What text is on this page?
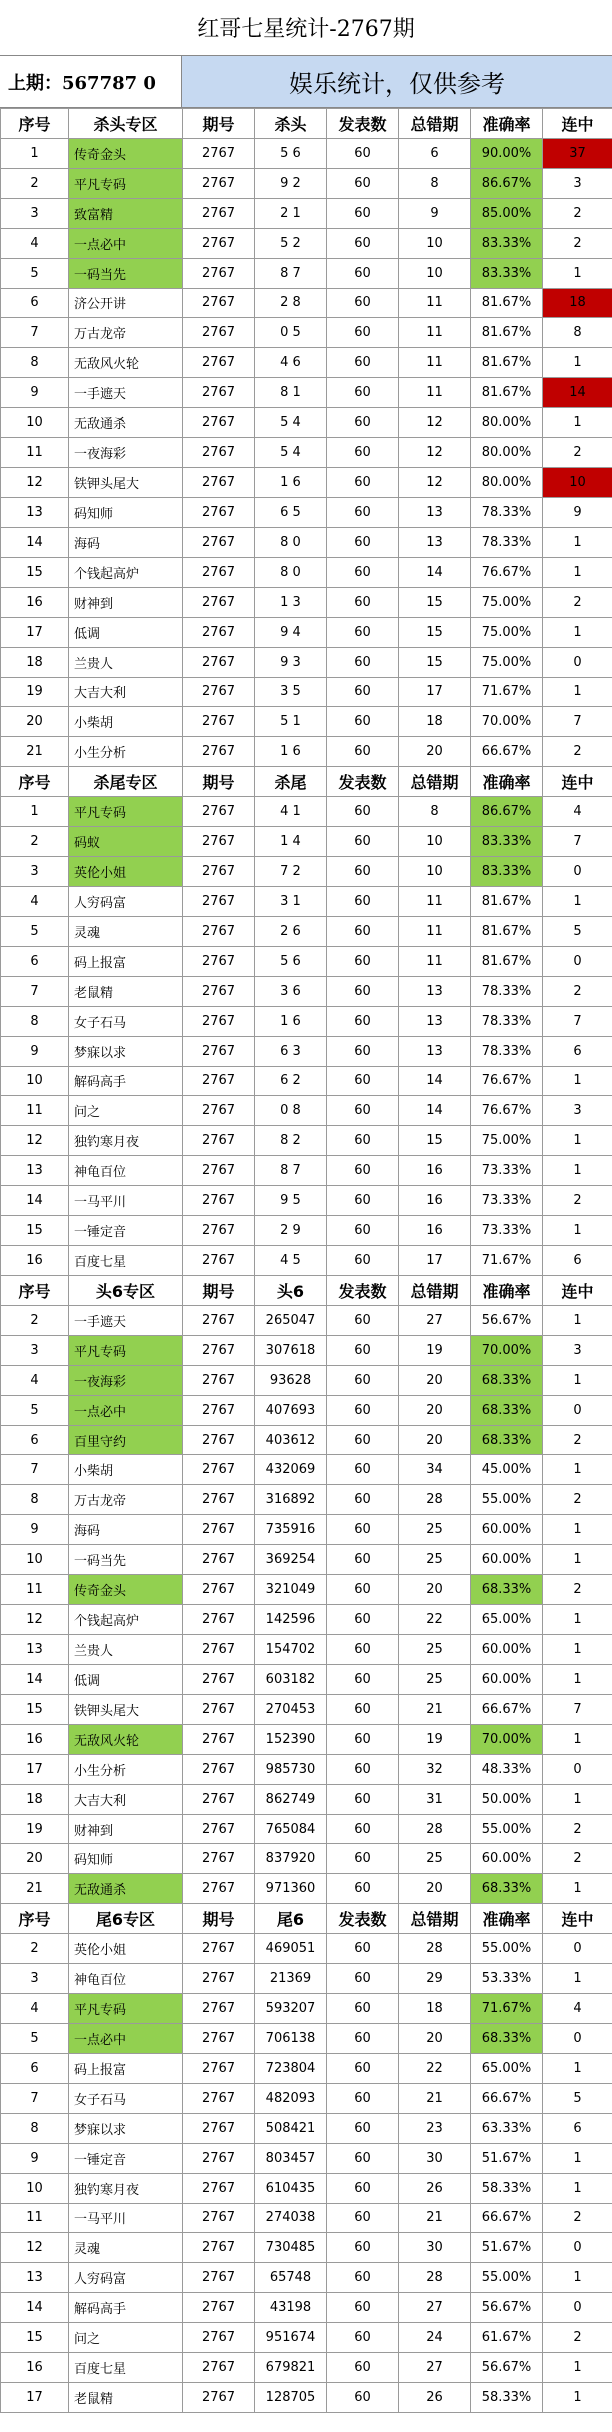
红哥七星统计-2767期
上期：567787 0	娱乐统计，仅供参考
序号	杀头专区	期号	杀头	发表数	总错期	准确率	连中
1	传奇金头	2767	5 6	60	6	90.00%	37
2	平凡专码	2767	9 2	60	8	86.67%	3
3	致富精	2767	2 1	60	9	85.00%	2
4	一点必中	2767	5 2	60	10	83.33%	2
5	一码当先	2767	8 7	60	10	83.33%	1
6	济公开讲	2767	2 8	60	11	81.67%	18
7	万古龙帝	2767	0 5	60	11	81.67%	8
8	无敌风火轮	2767	4 6	60	11	81.67%	1
9	一手遮天	2767	8 1	60	11	81.67%	14
10	无敌通杀	2767	5 4	60	12	80.00%	1
11	一夜海彩	2767	5 4	60	12	80.00%	2
12	铁钾头尾大	2767	1 6	60	12	80.00%	10
13	码知师	2767	6 5	60	13	78.33%	9
14	海码	2767	8 0	60	13	78.33%	1
15	个钱起高炉	2767	8 0	60	14	76.67%	1
16	财神到	2767	1 3	60	15	75.00%	2
17	低调	2767	9 4	60	15	75.00%	1
18	兰贵人	2767	9 3	60	15	75.00%	0
19	大吉大利	2767	3 5	60	17	71.67%	1
20	小柴胡	2767	5 1	60	18	70.00%	7
21	小生分析	2767	1 6	60	20	66.67%	2
序号	杀尾专区	期号	杀尾	发表数	总错期	准确率	连中
1	平凡专码	2767	4 1	60	8	86.67%	4
2	码蚁	2767	1 4	60	10	83.33%	7
3	英伦小姐	2767	7 2	60	10	83.33%	0
4	人穷码富	2767	3 1	60	11	81.67%	1
5	灵魂	2767	2 6	60	11	81.67%	5
6	码上报富	2767	5 6	60	11	81.67%	0
7	老鼠精	2767	3 6	60	13	78.33%	2
8	女子石马	2767	1 6	60	13	78.33%	7
9	梦寐以求	2767	6 3	60	13	78.33%	6
10	解码高手	2767	6 2	60	14	76.67%	1
11	问之	2767	0 8	60	14	76.67%	3
12	独钓寒月夜	2767	8 2	60	15	75.00%	1
13	神龟百位	2767	8 7	60	16	73.33%	1
14	一马平川	2767	9 5	60	16	73.33%	2
15	一锤定音	2767	2 9	60	16	73.33%	1
16	百度七星	2767	4 5	60	17	71.67%	6
序号	头6专区	期号	头6	发表数	总错期	准确率	连中
2	一手遮天	2767	265047	60	27	56.67%	1
3	平凡专码	2767	307618	60	19	70.00%	3
4	一夜海彩	2767	93628	60	20	68.33%	1
5	一点必中	2767	407693	60	20	68.33%	0
6	百里守约	2767	403612	60	20	68.33%	2
7	小柴胡	2767	432069	60	34	45.00%	1
8	万古龙帝	2767	316892	60	28	55.00%	2
9	海码	2767	735916	60	25	60.00%	1
10	一码当先	2767	369254	60	25	60.00%	1
11	传奇金头	2767	321049	60	20	68.33%	2
12	个钱起高炉	2767	142596	60	22	65.00%	1
13	兰贵人	2767	154702	60	25	60.00%	1
14	低调	2767	603182	60	25	60.00%	1
15	铁钾头尾大	2767	270453	60	21	66.67%	7
16	无敌风火轮	2767	152390	60	19	70.00%	1
17	小生分析	2767	985730	60	32	48.33%	0
18	大吉大利	2767	862749	60	31	50.00%	1
19	财神到	2767	765084	60	28	55.00%	2
20	码知师	2767	837920	60	25	60.00%	2
21	无敌通杀	2767	971360	60	20	68.33%	1
序号	尾6专区	期号	尾6	发表数	总错期	准确率	连中
2	英伦小姐	2767	469051	60	28	55.00%	0
3	神龟百位	2767	21369	60	29	53.33%	1
4	平凡专码	2767	593207	60	18	71.67%	4
5	一点必中	2767	706138	60	20	68.33%	0
6	码上报富	2767	723804	60	22	65.00%	1
7	女子石马	2767	482093	60	21	66.67%	5
8	梦寐以求	2767	508421	60	23	63.33%	6
9	一锤定音	2767	803457	60	30	51.67%	1
10	独钓寒月夜	2767	610435	60	26	58.33%	1
11	一马平川	2767	274038	60	21	66.67%	2
12	灵魂	2767	730485	60	30	51.67%	0
13	人穷码富	2767	65748	60	28	55.00%	1
14	解码高手	2767	43198	60	27	56.67%	0
15	问之	2767	951674	60	24	61.67%	2
16	百度七星	2767	679821	60	27	56.67%	1
17	老鼠精	2767	128705	60	26	58.33%	1
